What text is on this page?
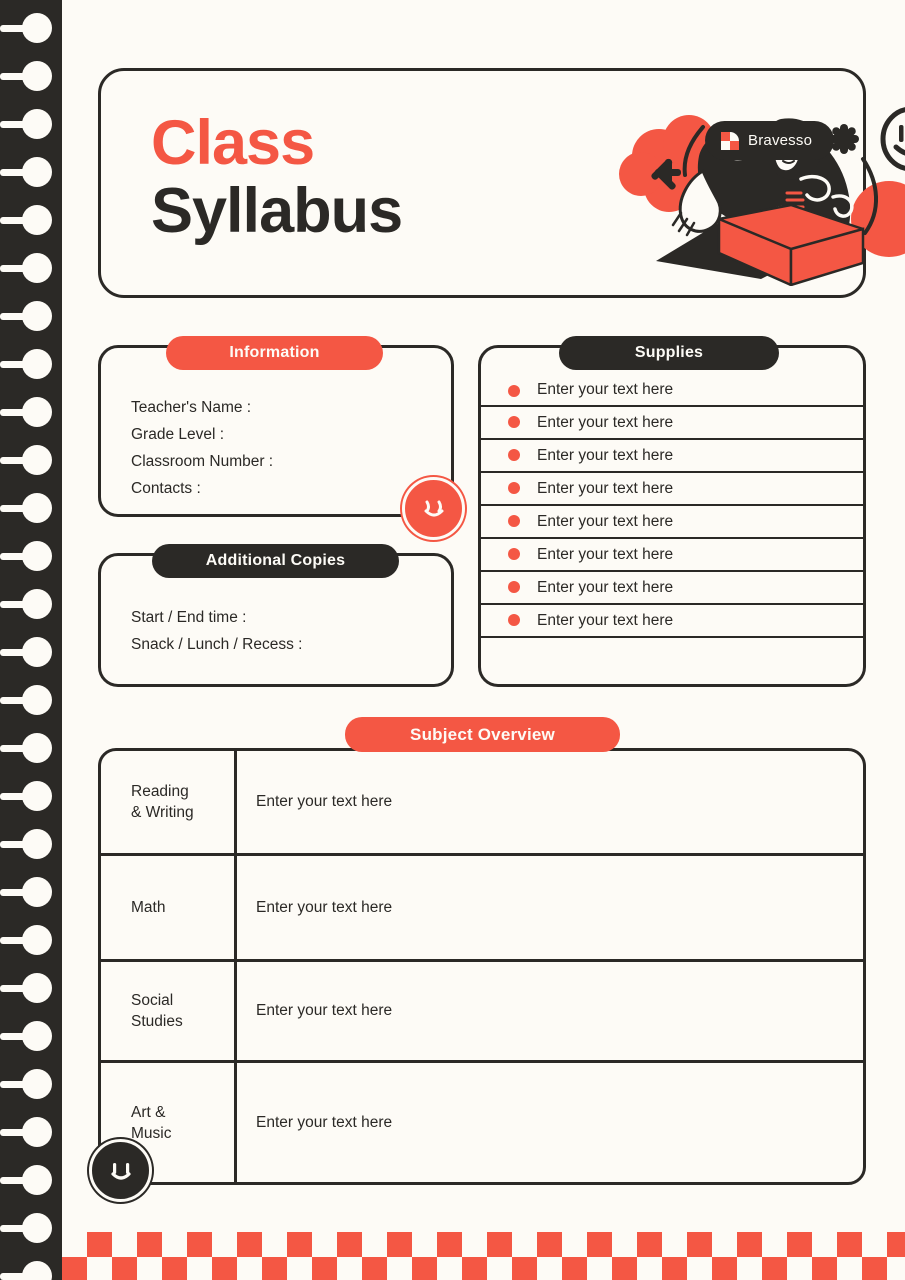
Class
Syllabus
Bravesso
Teacher's Name :
Grade Level :
Classroom Number :
Contacts :
Information
Start / End time :
Snack / Lunch / Recess :
Additional Copies
Enter your text here
Enter your text here
Enter your text here
Enter your text here
Enter your text here
Enter your text here
Enter your text here
Enter your text here
Supplies
Subject Overview
Reading
& Writing
Enter your text here
Math	Enter your text here
Social
Studies
Enter your text here
Art &
Music
Enter your text here
